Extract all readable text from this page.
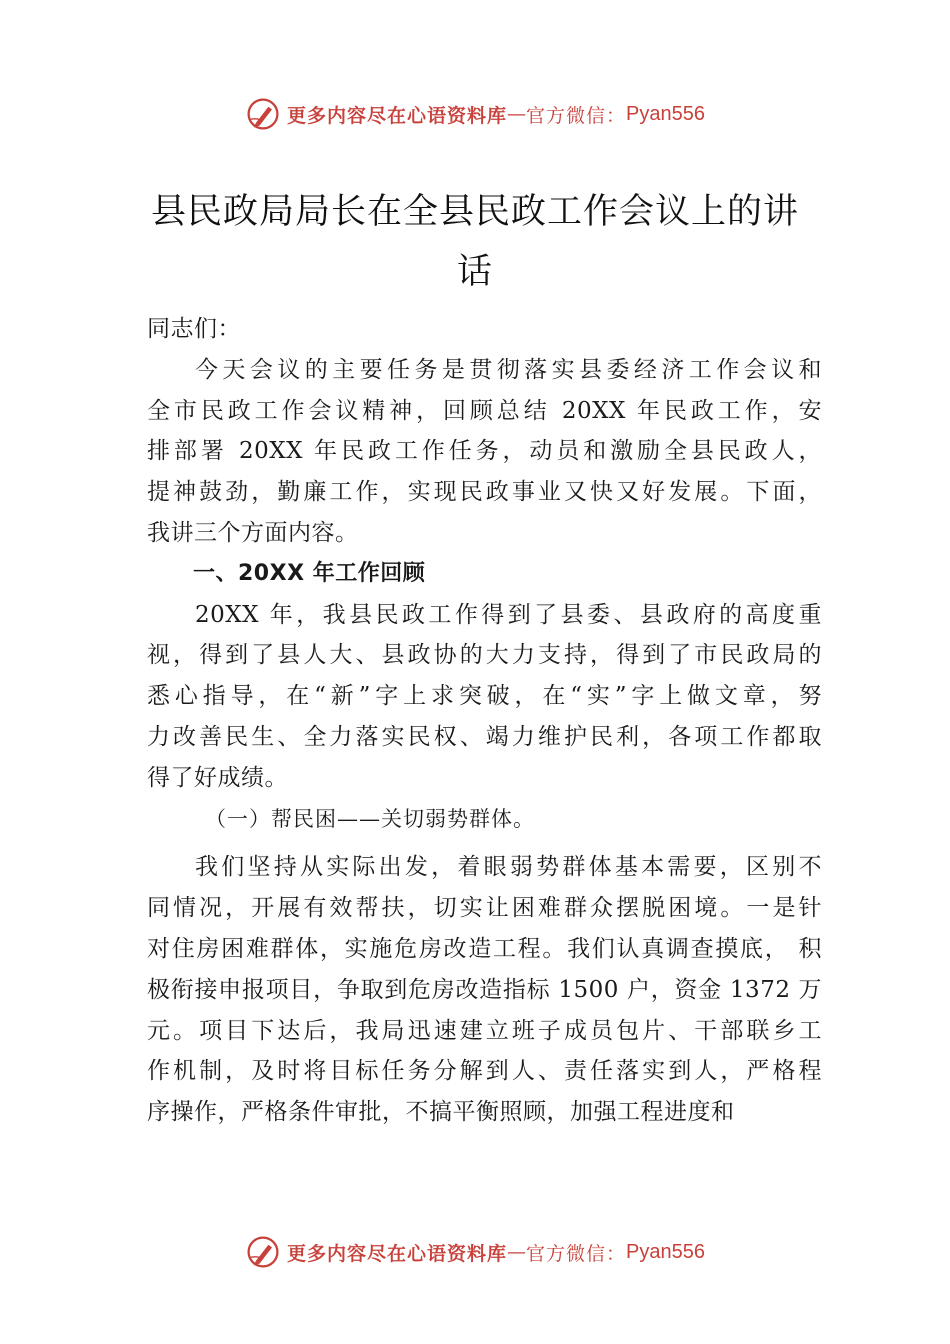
更多内容尽在心语资料库 — 官方微信： Pyan556
县民政局局长在全县民政工作会议上的讲
话
同志们：
今天会议的主要任务是贯彻落实县委经济工作会议和
全市民政工作会议精神，回顾总结 20XX 年民政工作，安
排部署 20XX 年民政工作任务，动员和激励全县民政人，
提神鼓劲，勤廉工作，实现民政事业又快又好发展。下面，
我讲三个方面内容。
一、20XX 年工作回顾
20XX 年，我县民政工作得到了县委、县政府的高度重
视，得到了县人大、县政协的大力支持，得到了市民政局的
悉心指导，在“新”字上求突破，在“实”字上做文章，努
力改善民生、全力落实民权、竭力维护民利，各项工作都取
得了好成绩。
（一）帮民困——关切弱势群体。
我们坚持从实际出发，着眼弱势群体基本需要，区别不
同情况，开展有效帮扶，切实让困难群众摆脱困境。一是针
对住房困难群体，实施危房改造工程。我们认真调查摸底， 积
极衔接申报项目，争取到危房改造指标 1500 户，资金 1372 万
元。项目下达后，我局迅速建立班子成员包片、干部联乡工
作机制，及时将目标任务分解到人、责任落实到人，严格程
序操作，严格条件审批，不搞平衡照顾，加强工程进度和
更多内容尽在心语资料库 — 官方微信： Pyan556
